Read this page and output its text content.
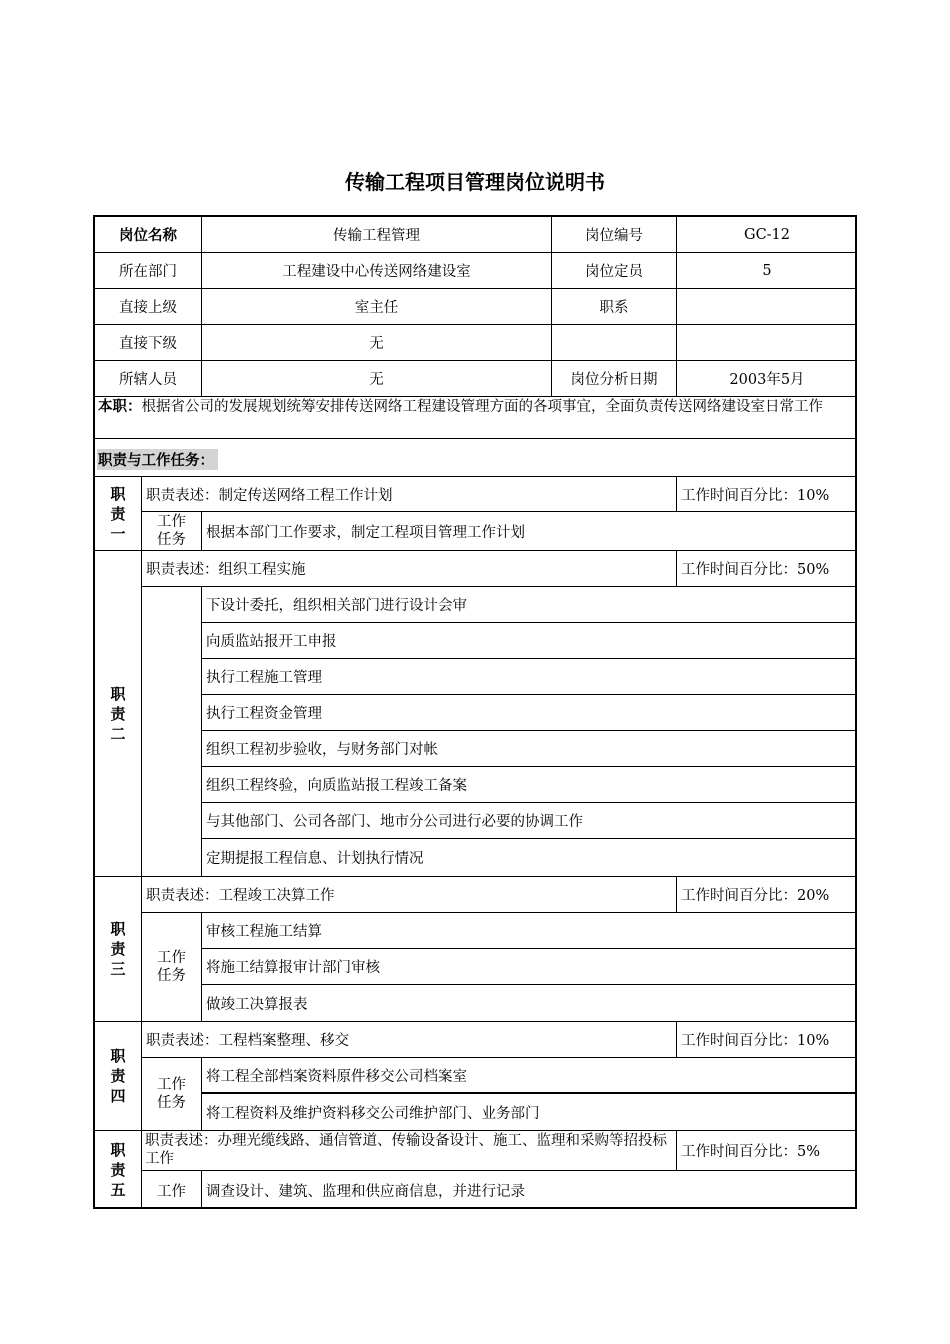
传输工程项目管理岗位说明书
岗位名称	传输工程管理	岗位编号	GC-12
所在部门	工程建设中心传送网络建设室	岗位定员	5
直接上级	室主任	职系
直接下级	无
所辖人员	无	岗位分析日期	2003年5月
本职：根据省公司的发展规划统筹安排传送网络工程建设管理方面的各项事宜，全面负责传送网络建设室日常工作
职责与工作任务：
职
责
一
职责表述：制定传送网络工程工作计划	工作时间百分比：10%
工作
任务 根据本部门工作要求，制定工程项目管理工作计划
职
责
二
职责表述：组织工程实施	工作时间百分比：50%
下设计委托，组织相关部门进行设计会审
向质监站报开工申报
执行工程施工管理
执行工程资金管理
组织工程初步验收，与财务部门对帐
组织工程终验，向质监站报工程竣工备案
与其他部门、公司各部门、地市分公司进行必要的协调工作
定期提报工程信息、计划执行情况
职
责
三
职责表述：工程竣工决算工作	工作时间百分比：20%
工作
任务
审核工程施工结算
将施工结算报审计部门审核
做竣工决算报表
职
责
四
职责表述：工程档案整理、移交	工作时间百分比：10%
工作
任务
将工程全部档案资料原件移交公司档案室
将工程资料及维护资料移交公司维护部门、业务部门
职
责
五
职责表述：办理光缆线路、通信管道、传输设备设计、施工、监理和采购等招投标工作	工作时间百分比：5%
工作	调查设计、建筑、监理和供应商信息，并进行记录
